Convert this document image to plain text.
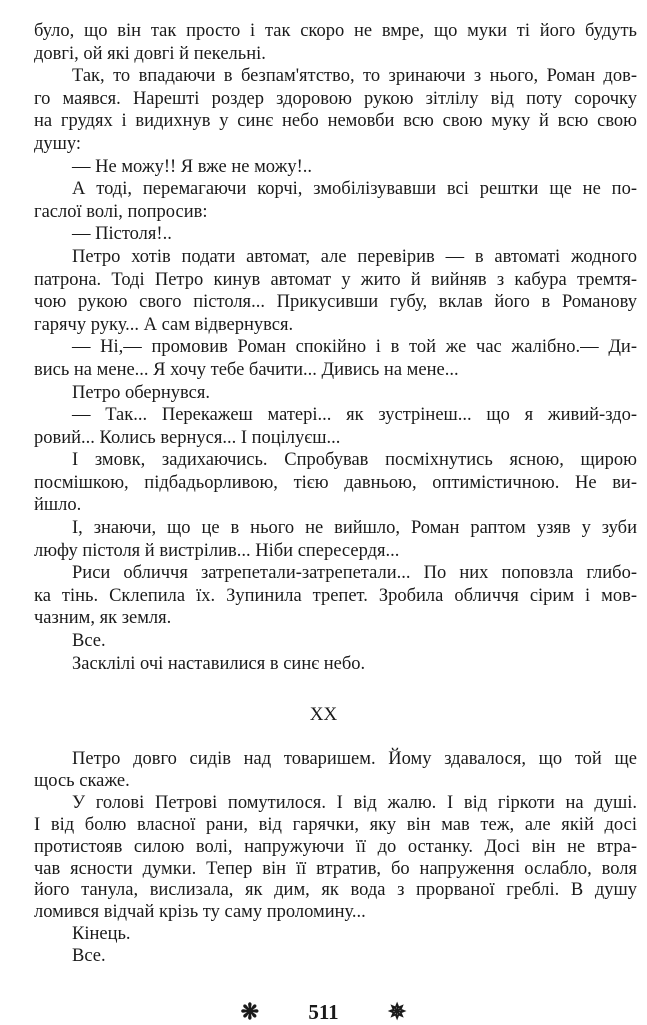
було, що він так просто і так скоро не вмре, що муки ті його будуть
довгі, ой які довгі й пекельні.
Так, то впадаючи в безпам'ятство, то зринаючи з нього, Роман дов-
го маявся. Нарешті роздер здоровою рукою зітлілу від поту сорочку
на грудях і видихнув у синє небо немовби всю свою муку й всю свою
душу:
— Не можу!! Я вже не можу!..
А тоді, перемагаючи корчі, змобілізувавши всі рештки ще не по-
гаслої волі, попросив:
— Пістоля!..
Петро хотів подати автомат, але перевірив — в автоматі жодного
патрона. Тоді Петро кинув автомат у жито й вийняв з кабура тремтя-
чою рукою свого пістоля... Прикусивши губу, вклав його в Романову
гарячу руку... А сам відвернувся.
— Ні,— промовив Роман спокійно і в той же час жалібно.— Ди-
вись на мене... Я хочу тебе бачити... Дивись на мене...
Петро обернувся.
— Так... Перекажеш матері... як зустрінеш... що я живий-здо-
ровий... Колись вернуся... І поцілуєш...
І змовк, задихаючись. Спробував посміхнутись ясною, щирою
посмішкою, підбадьорливою, тією давньою, оптимістичною. Не ви-
йшло.
І, знаючи, що це в нього не вийшло, Роман раптом узяв у зуби
люфу пістоля й вистрілив... Ніби спересердя...
Риси обличчя затрепетали-затрепетали... По них поповзла глибо-
ка тінь. Склепила їх. Зупинила трепет. Зробила обличчя сірим і мов-
чазним, як земля.
Все.
Засклілі очі наставилися в синє небо.
XX
Петро довго сидів над товаришем. Йому здавалося, що той ще
щось скаже.
У голові Петрові помутилося. І від жалю. І від гіркоти на душі.
І від болю власної рани, від гарячки, яку він мав теж, але якій досі
протистояв силою волі, напружуючи її до останку. Досі він не втра-
чав ясности думки. Тепер він її втратив, бо напруження ослабло, воля
його танула, вислизала, як дим, як вода з прорваної греблі. В душу
ломився відчай крізь ту саму проломину...
Кінець.
Все.
❋ 511 ✵
